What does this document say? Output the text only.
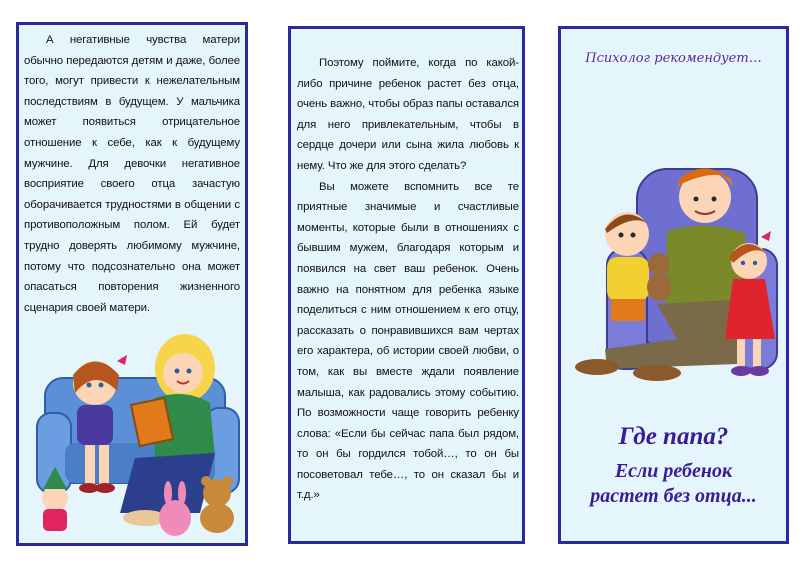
А негативные чувства матери обычно передаются детям и даже, более того, могут привести к нежелательным последствиям в будущем. У мальчика может появиться отрицательное отношение к себе, как к будущему мужчине. Для девочки негативное восприятие своего отца зачастую оборачивается трудностями в общении с противоположным полом. Ей будет трудно доверять любимому мужчине, потому что подсознательно она может опасаться повторения жизненного сценария своей матери.

Поэтому поймите, когда по какой-либо причине ребенок растет без отца, очень важно, чтобы образ папы оставался для него привлекательным, чтобы в сердце дочери или сына жила любовь к нему. Что же для этого сделать?

Вы можете вспомнить все те приятные значимые и счастливые моменты, которые были в отношениях с бывшим мужем, благодаря которым и появился на свет ваш ребенок. Очень важно на понятном для ребенка языке поделиться с ним отношением к его отцу, рассказать о понравившихся вам чертах его характера, об истории своей любви, о том, как вы вместе ждали появление малыша, как радовались этому событию. По возможности чаще говорить ребенку слова: «Если бы сейчас папа был рядом, то он бы гордился тобой…, то он бы посоветовал тебе…, то он сказал бы и т.д.»

Психолог рекомендует…
Где папа?
Если ребенок
растет без отца...
